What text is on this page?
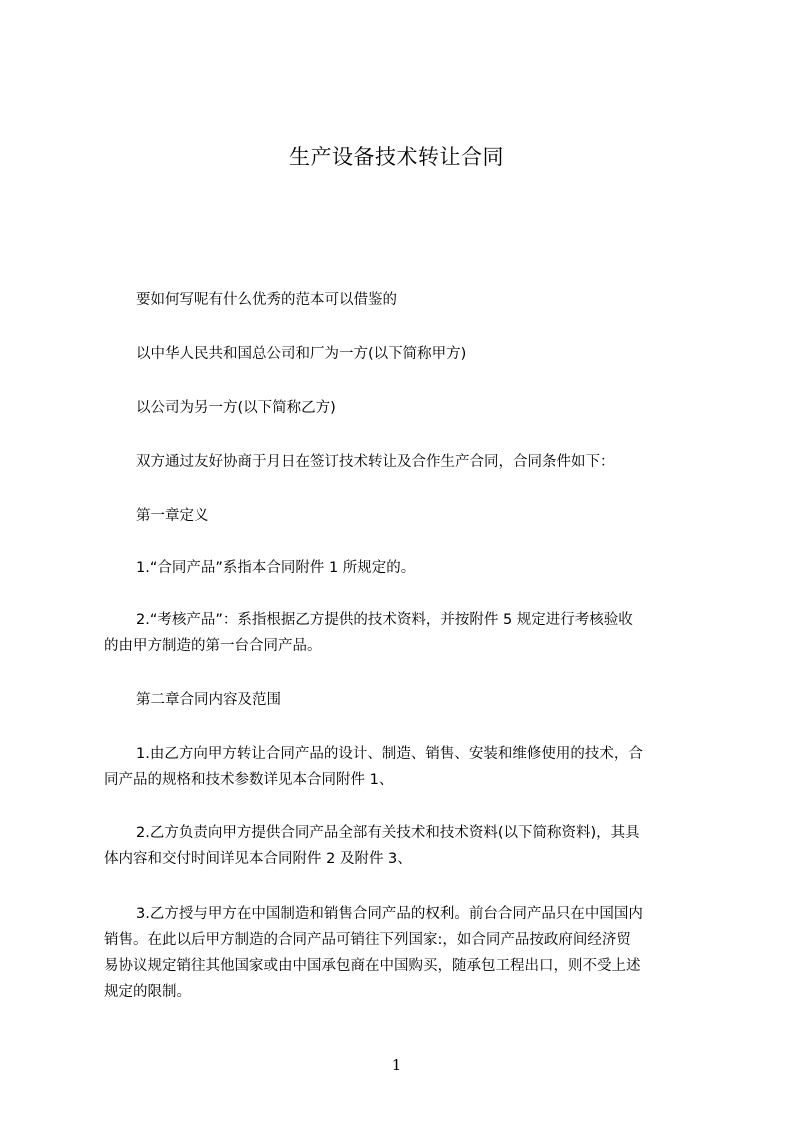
生产设备技术转让合同
要如何写呢有什么优秀的范本可以借鉴的
以中华人民共和国总公司和厂为一方(以下简称甲方)
以公司为另一方(以下简称乙方)
双方通过友好协商于月日在签订技术转让及合作生产合同，合同条件如下：
第一章定义
1.“合同产品”系指本合同附件 1 所规定的。
2.“考核产品”：系指根据乙方提供的技术资料，并按附件 5 规定进行考核验收
的由甲方制造的第一台合同产品。
第二章合同内容及范围
1.由乙方向甲方转让合同产品的设计、制造、销售、安装和维修使用的技术，合
同产品的规格和技术参数详见本合同附件 1、
2.乙方负责向甲方提供合同产品全部有关技术和技术资料(以下简称资料)，其具
体内容和交付时间详见本合同附件 2 及附件 3、
3.乙方授与甲方在中国制造和销售合同产品的权利。前台合同产品只在中国国内
销售。在此以后甲方制造的合同产品可销往下列国家:，如合同产品按政府间经济贸
易协议规定销往其他国家或由中国承包商在中国购买，随承包工程出口，则不受上述
规定的限制。
1
